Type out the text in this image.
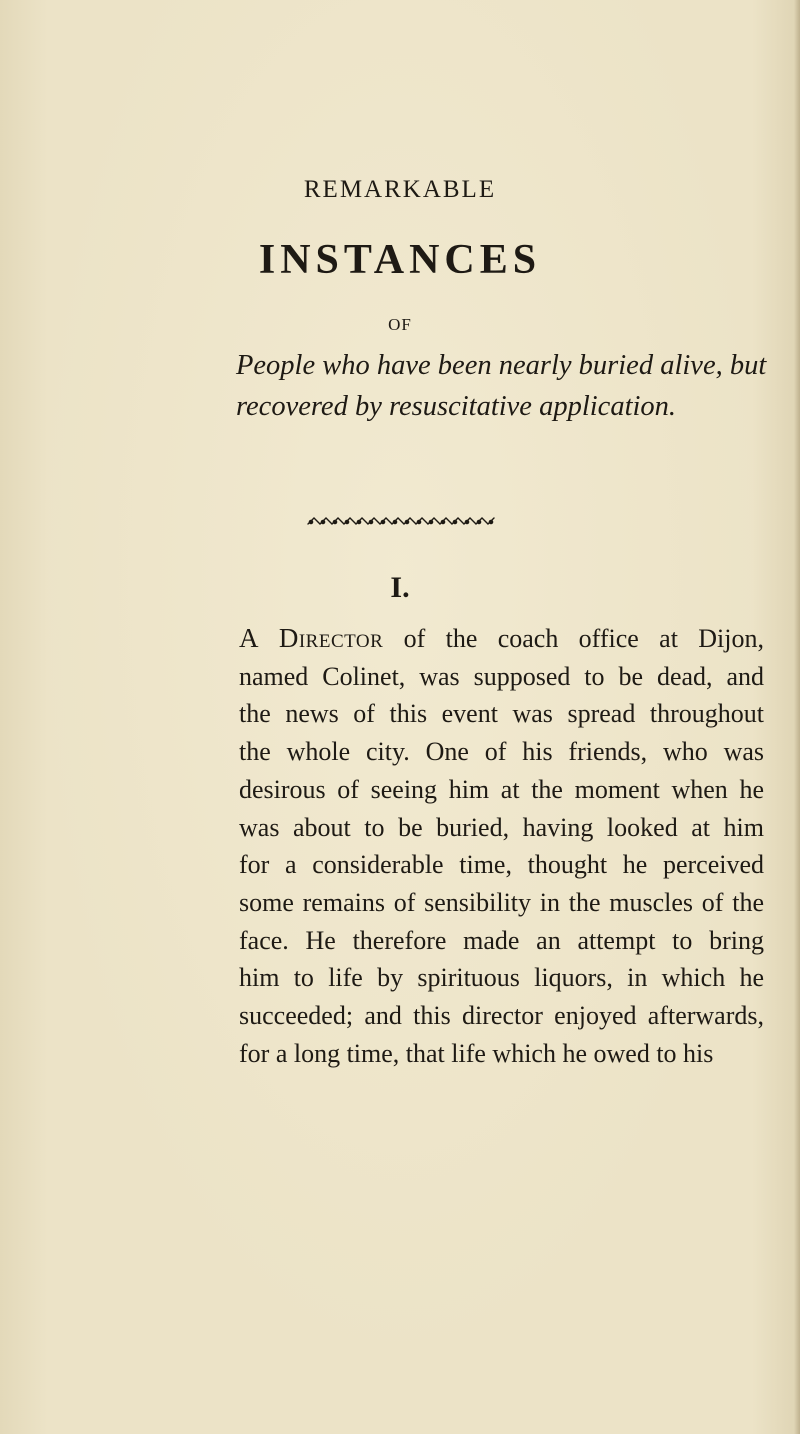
REMARKABLE
INSTANCES
OF
People who have been nearly buried alive, but
recovered by resuscitative application.
I.
A Director of the coach office at Dijon,
named Colinet, was supposed to be dead, and
the news of this event was spread throughout
the whole city. One of his friends, who was
desirous of seeing him at the moment when he
was about to be buried, having looked at him
for a considerable time, thought he perceived
some remains of sensibility in the muscles of the
face. He therefore made an attempt to bring
him to life by spirituous liquors, in which he
succeeded; and this director enjoyed afterwards,
for a long time, that life which he owed to his
